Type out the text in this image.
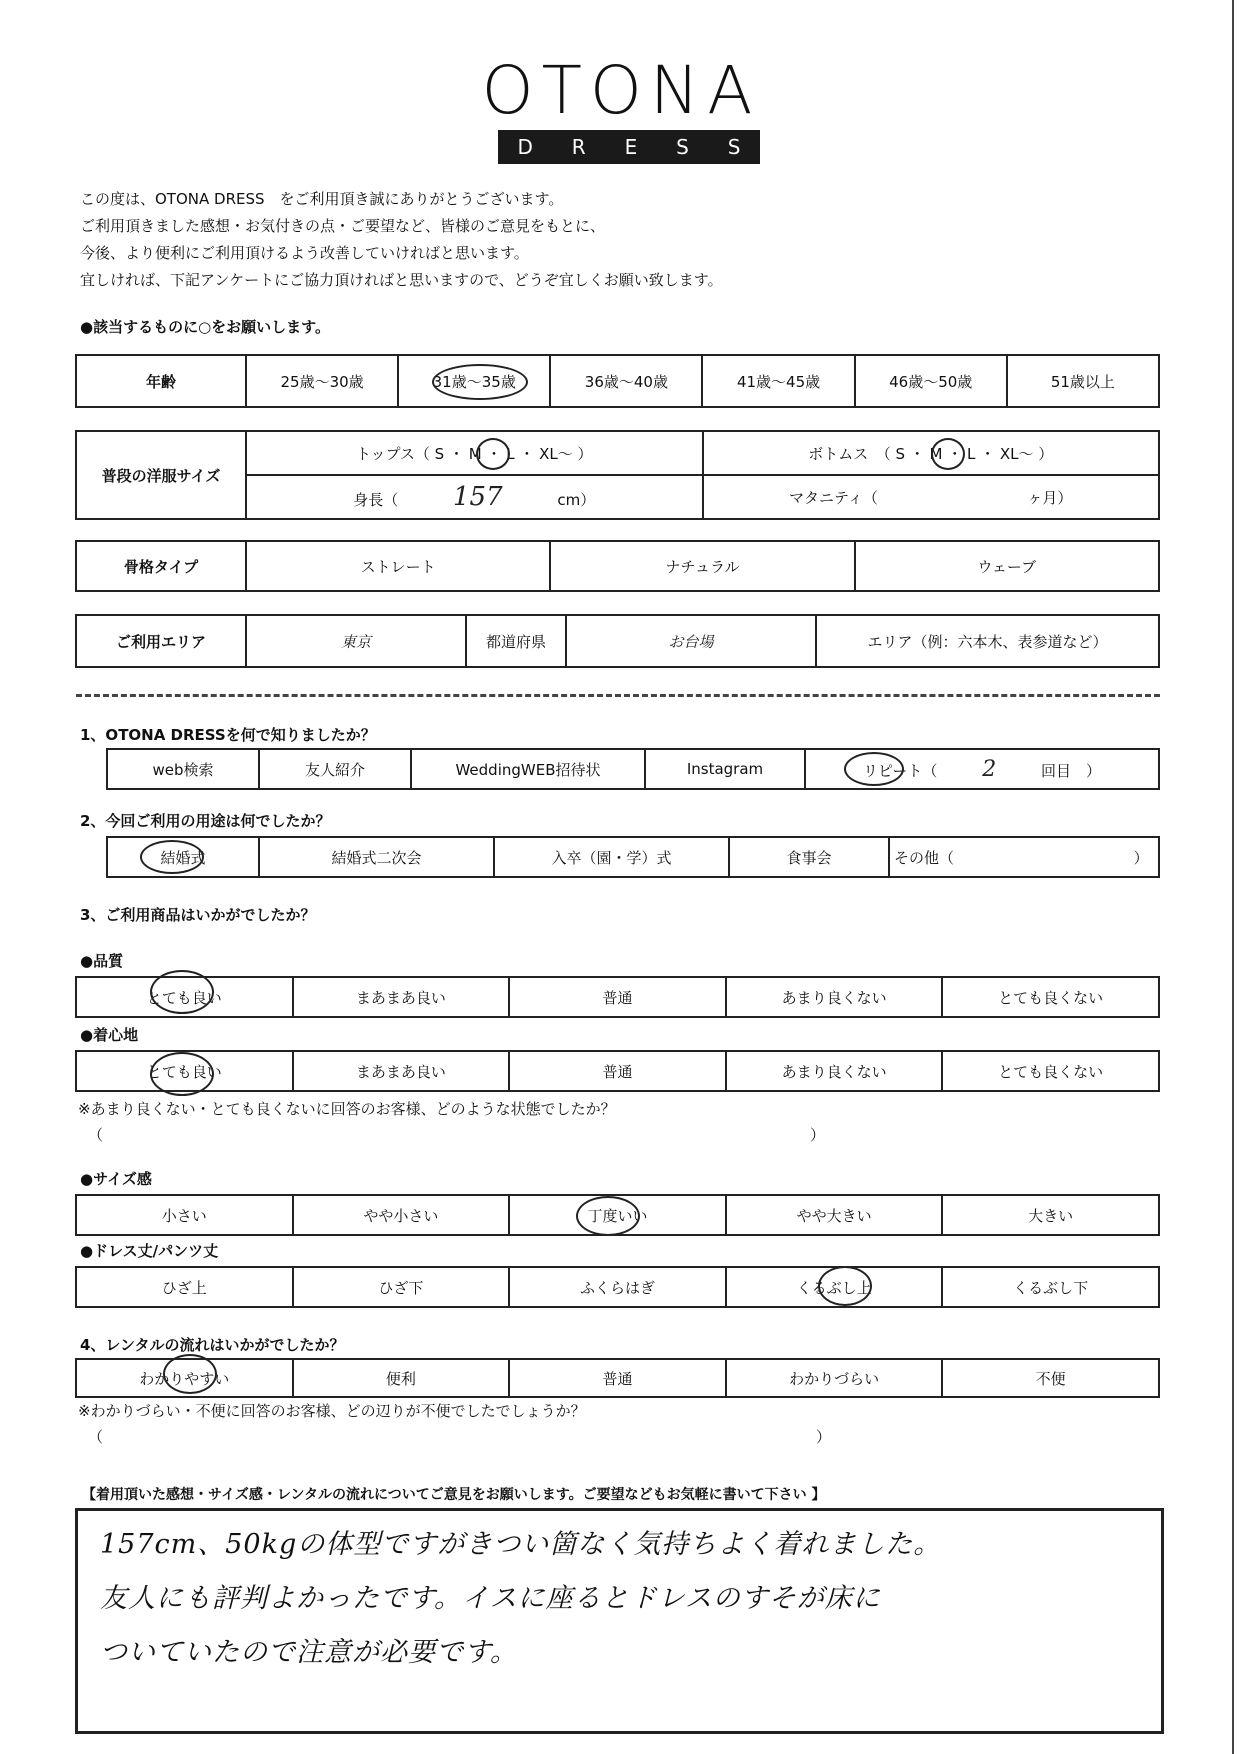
OTONA
D R E S S
この度は、OTONA DRESS　をご利用頂き誠にありがとうございます。
ご利用頂きました感想・お気付きの点・ご要望など、皆様のご意見をもとに、
今後、より便利にご利用頂けるよう改善していければと思います。
宜しければ、下記アンケートにご協力頂ければと思いますので、どうぞ宜しくお願い致します。
●該当するものに○をお願いします。
年齢	25歳～30歳	31歳～35歳	36歳～40歳	41歳～45歳	46歳～50歳	51歳以上
普段の洋服サイズ	トップス（ S ・ M ・ L ・ XL～ ）	ボトムス　（ S ・ M ・ L ・ XL～ ）
	身長（ 157 cm）	マタニティ（ ヶ月）
骨格タイプ	ストレート	ナチュラル	ウェーブ
ご利用エリア	東京	都道府県	お台場	エリア（例：六本木、表参道など）
1、OTONA DRESSを何で知りましたか？
web検索	友人紹介	WeddingWEB招待状	Instagram	リピート（ 2	回目　）
2、今回ご利用の用途は何でしたか？
結婚式	結婚式二次会	入卒（園・学）式	食事会	その他（	）
3、ご利用商品はいかがでしたか？
●品質
とても良い	まあまあ良い	普通	あまり良くない	とても良くない
●着心地
とても良い	まあまあ良い	普通	あまり良くない	とても良くない
※あまり良くない・とても良くないに回答のお客様、どのような状態でしたか？
（	）
●サイズ感
小さい	やや小さい	丁度いい	やや大きい	大きい
●ドレス丈/パンツ丈
ひざ上	ひざ下	ふくらはぎ	くるぶし上	くるぶし下
4、レンタルの流れはいかがでしたか？
わかりやすい	便利	普通	わかりづらい	不便
※わかりづらい・不便に回答のお客様、どの辺りが不便でしたでしょうか？
（	）
【着用頂いた感想・サイズ感・レンタルの流れについてご意見をお願いします。ご要望などもお気軽に書いて下さい 】
157cm、50kgの体型ですがきつい箇なく気持ちよく着れました。
友人にも評判よかったです。イスに座るとドレスのすそが床に
ついていたので注意が必要です。
